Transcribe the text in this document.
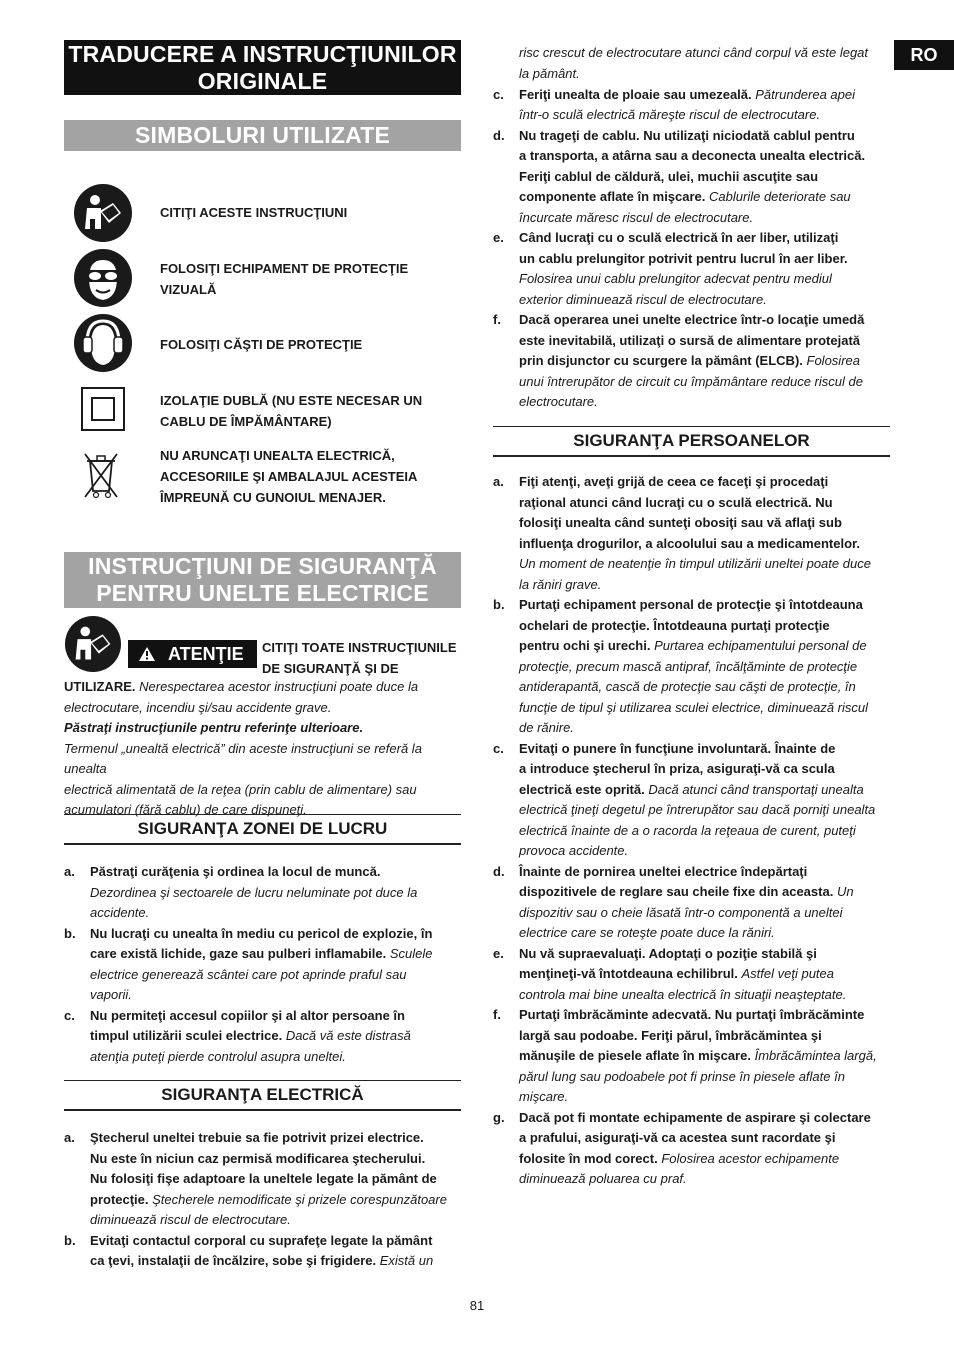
TRADUCERE A INSTRUCŢIUNILOR
ORIGINALE
SIMBOLURI UTILIZATE
CITIŢI ACESTE INSTRUCŢIUNI
FOLOSIŢI ECHIPAMENT DE PROTECŢIE
VIZUALĂ
FOLOSIŢI CĂŞTI DE PROTECŢIE
IZOLAŢIE DUBLĂ (NU ESTE NECESAR UN
CABLU DE ÎMPĂMÂNTARE)
NU ARUNCAŢI UNEALTA ELECTRICĂ,
ACCESORIILE ŞI AMBALAJUL ACESTEIA
ÎMPREUNĂ CU GUNOIUL MENAJER.
INSTRUCŢIUNI DE SIGURANŢĂ
PENTRU UNELTE ELECTRICE
ATENŢIE CITIŢI TOATE INSTRUCŢIUNILE
DE SIGURANŢĂ ŞI DE
UTILIZARE. Nerespectarea acestor instrucţiuni poate duce la
electrocutare, incendiu şi/sau accidente grave.
Păstraţi instrucţiunile pentru referinţe ulterioare.
Termenul „unealtă electrică” din aceste instrucţiuni se referă la unealta
electrică alimentată de la reţea (prin cablu de alimentare) sau
acumulatori (fără cablu) de care dispuneţi.
SIGURANŢA ZONEI DE LUCRU
a. Păstraţi curăţenia şi ordinea la locul de muncă.
Dezordinea şi sectoarele de lucru neluminate pot duce la
accidente.
b. Nu lucraţi cu unealta în mediu cu pericol de explozie, în
care există lichide, gaze sau pulberi inflamabile. Sculele
electrice generează scântei care pot aprinde praful sau
vaporii.
c. Nu permiteţi accesul copiilor şi al altor persoane în
timpul utilizării sculei electrice. Dacă vă este distrasă
atenţia puteţi pierde controlul asupra uneltei.
SIGURANŢA ELECTRICĂ
a. Ştecherul uneltei trebuie sa fie potrivit prizei electrice.
Nu este în niciun caz permisă modificarea ştecherului.
Nu folosiţi fişe adaptoare la uneltele legate la pământ de
protecţie. Ştecherele nemodificate şi prizele corespunzătoare
diminuează riscul de electrocutare.
b. Evitaţi contactul corporal cu suprafeţe legate la pământ
ca ţevi, instalaţii de încălzire, sobe şi frigidere. Există un
risc crescut de electrocutare atunci când corpul vă este legat
la pământ.
c. Feriţi unealta de ploaie sau umezeală. Pătrunderea apei
într-o sculă electrică măreşte riscul de electrocutare.
d. Nu trageţi de cablu. Nu utilizaţi niciodată cablul pentru
a transporta, a atârna sau a deconecta unealta electrică.
Feriţi cablul de căldură, ulei, muchii ascuţite sau
componente aflate în mişcare. Cablurile deteriorate sau
încurcate măresc riscul de electrocutare.
e. Când lucraţi cu o sculă electrică în aer liber, utilizaţi
un cablu prelungitor potrivit pentru lucrul în aer liber.
Folosirea unui cablu prelungitor adecvat pentru mediul
exterior diminuează riscul de electrocutare.
f. Dacă operarea unei unelte electrice într-o locaţie umedă
este inevitabilă, utilizaţi o sursă de alimentare protejată
prin disjunctor cu scurgere la pământ (ELCB). Folosirea
unui întrerupător de circuit cu împământare reduce riscul de
electrocutare.
SIGURANŢA PERSOANELOR
a. Fiţi atenţi, aveţi grijă de ceea ce faceţi şi procedaţi
raţional atunci când lucraţi cu o sculă electrică. Nu
folosiţi unealta când sunteţi obosiţi sau vă aflaţi sub
influenţa drogurilor, a alcoolului sau a medicamentelor.
Un moment de neatenţie în timpul utilizării uneltei poate duce
la răniri grave.
b. Purtaţi echipament personal de protecţie şi întotdeauna
ochelari de protecţie. Întotdeauna purtaţi protecţie
pentru ochi şi urechi. Purtarea echipamentului personal de
protecţie, precum mască antipraf, încălţăminte de protecţie
antiderapantă, cască de protecţie sau căşti de protecţie, în
funcţie de tipul şi utilizarea sculei electrice, diminuează riscul
de rănire.
c. Evitaţi o punere în funcţiune involuntară. Înainte de
a introduce ştecherul în priza, asiguraţi-vă ca scula
electrică este oprită. Dacă atunci când transportaţi unealta
electrică ţineţi degetul pe întrerupător sau dacă porniţi unealta
electrică înainte de a o racorda la reţeaua de curent, puteţi
provoca accidente.
d. Înainte de pornirea uneltei electrice îndepărtaţi
dispozitivele de reglare sau cheile fixe din aceasta. Un
dispozitiv sau o cheie lăsată într-o componentă a uneltei
electrice care se roteşte poate duce la răniri.
e. Nu vă supraevaluaţi. Adoptaţi o poziţie stabilă şi
menţineţi-vă întotdeauna echilibrul. Astfel veţi putea
controla mai bine unealta electrică în situaţii neaşteptate.
f. Purtaţi îmbrăcăminte adecvată. Nu purtaţi îmbrăcăminte
largă sau podoabe. Feriţi părul, îmbrăcămintea şi
mănuşile de piesele aflate în mişcare. Îmbrăcămintea largă,
părul lung sau podoabele pot fi prinse în piesele aflate în
mişcare.
g. Dacă pot fi montate echipamente de aspirare şi colectare
a prafului, asiguraţi-vă ca acestea sunt racordate şi
folosite în mod corect. Folosirea acestor echipamente
diminuează poluarea cu praf.
RO
81
